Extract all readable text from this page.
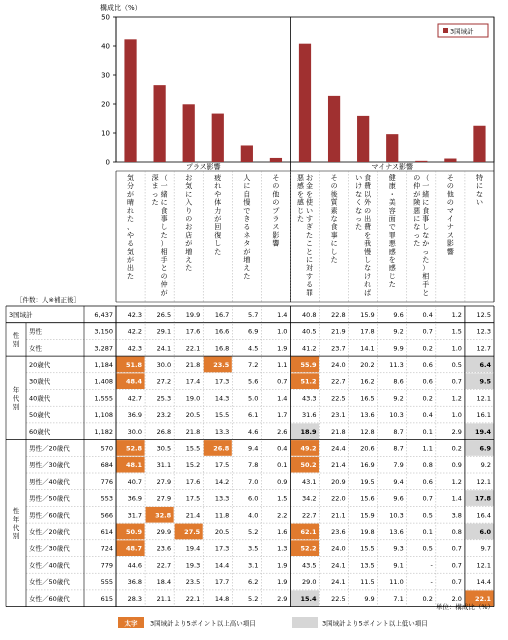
構成比（%）
0
10
20
30
40
50
気
分
が
晴
れ
た
、
や
る
気
が
出
た
（
一
緒
に
食
事
し
た
）
相
手
と
の
仲
が
深
ま
っ
た
お
気
に
入
り
の
お
店
が
増
え
た
疲
れ
や
体
力
が
回
復
し
た
人
に
自
慢
で
き
る
ネ
タ
が
増
え
た
そ
の
他
の
プ
ラ
ス
影
響
お
金
を
使
い
す
ぎ
た
こ
と
に
対
す
る
罪
悪
感
を
感
じ
た
そ
の
後
質
素
な
食
事
に
し
た
食
費
以
外
の
出
費
を
我
慢
し
な
け
れ
ば
い
け
な
く
な
っ
た
健
康
・
美
容
面
で
罪
悪
感
を
感
じ
た
（
一
緒
に
食
事
し
な
か
っ
た
）
相
手
と
の
仲
が
険
悪
に
な
っ
た
そ
の
他
の
マ
イ
ナ
ス
影
響
特
に
な
い
プラス影響	マイナス影響
3国域計
［件数：人※補正後］
3国域計	6,437 42.3 26.5 19.9 16.7	5.7	1.4 40.8 22.8 15.9	9.6	0.4	1.2 12.5
男性	3,150 42.2 29.1 17.6 16.6	6.9	1.0 40.5 21.9 17.8	9.2	0.7	1.5 12.3
女性	3,287 42.3 24.1 22.1 16.8	4.5	1.9 41.2 23.7 14.1	9.9	0.2	1.0 12.7
20歳代	1,184 51.8 30.0 21.8 23.5	7.2	1.1 55.9 24.0 20.2 11.3	0.6	0.5	6.4
30歳代	1,408 48.4 27.2 17.4 17.3	5.6	0.7 51.2 22.7 16.2	8.6	0.6	0.7	9.5
40歳代	1,555 42.7 25.3 19.0 14.3	5.0	1.4 43.3 22.5 16.5	9.2	0.2	1.2 12.1
50歳代	1,108 36.9 23.2 20.5 15.5	6.1	1.7 31.6 23.1 13.6 10.3	0.4	1.0 16.1
60歳代	1,182 30.0 26.8 21.8 13.3	4.6	2.6 18.9 21.8 12.8	8.7	0.1	2.9 19.4
男性／20歳代	570 52.8 30.5 15.5 26.8	9.4	0.4 49.2 24.4 20.6	8.7	1.1	0.2	6.9
男性／30歳代	684 48.1 31.1 15.2 17.5	7.8	0.1 50.2 21.4 16.9	7.9	0.8	0.9	9.2
男性／40歳代	776 40.7 27.9 17.6 14.2	7.0	0.9 43.1 20.9 19.5	9.4	0.6	1.2 12.1
男性／50歳代	553 36.9 27.9 17.5 13.3	6.0	1.5 34.2 22.0 15.6	9.6	0.7	1.4 17.8
男性／60歳代	566 31.7 32.8 21.4 11.8	4.0	2.2 22.7 21.1 15.9 10.3	0.5	3.8 16.4
女性／20歳代	614 50.9 29.9 27.5 20.5	5.2	1.6 62.1 23.6 19.8 13.6	0.1	0.8	6.0
女性／30歳代	724 48.7 23.6 19.4 17.3	3.5	1.3 52.2 24.0 15.5	9.3	0.5	0.7	9.7
女性／40歳代	779 44.6 22.7 19.3 14.4	3.1	1.9 43.5 24.1 13.5	9.1	-	0.7 12.1
女性／50歳代	555 36.8 18.4 23.5 17.7	6.2	1.9 29.0 24.1 11.5 11.0	-	0.7 14.4
女性／60歳代	615 28.3 21.1 22.1 14.8	5.2	2.9 15.4 22.5	9.9	7.1	0.2	2.0 22.1
性
別
年
代
別
性
年
代
別
単位：構成比（%）
太字 3国域計より5ポイント以上高い項目	3国域計より5ポイント以上低い項目
